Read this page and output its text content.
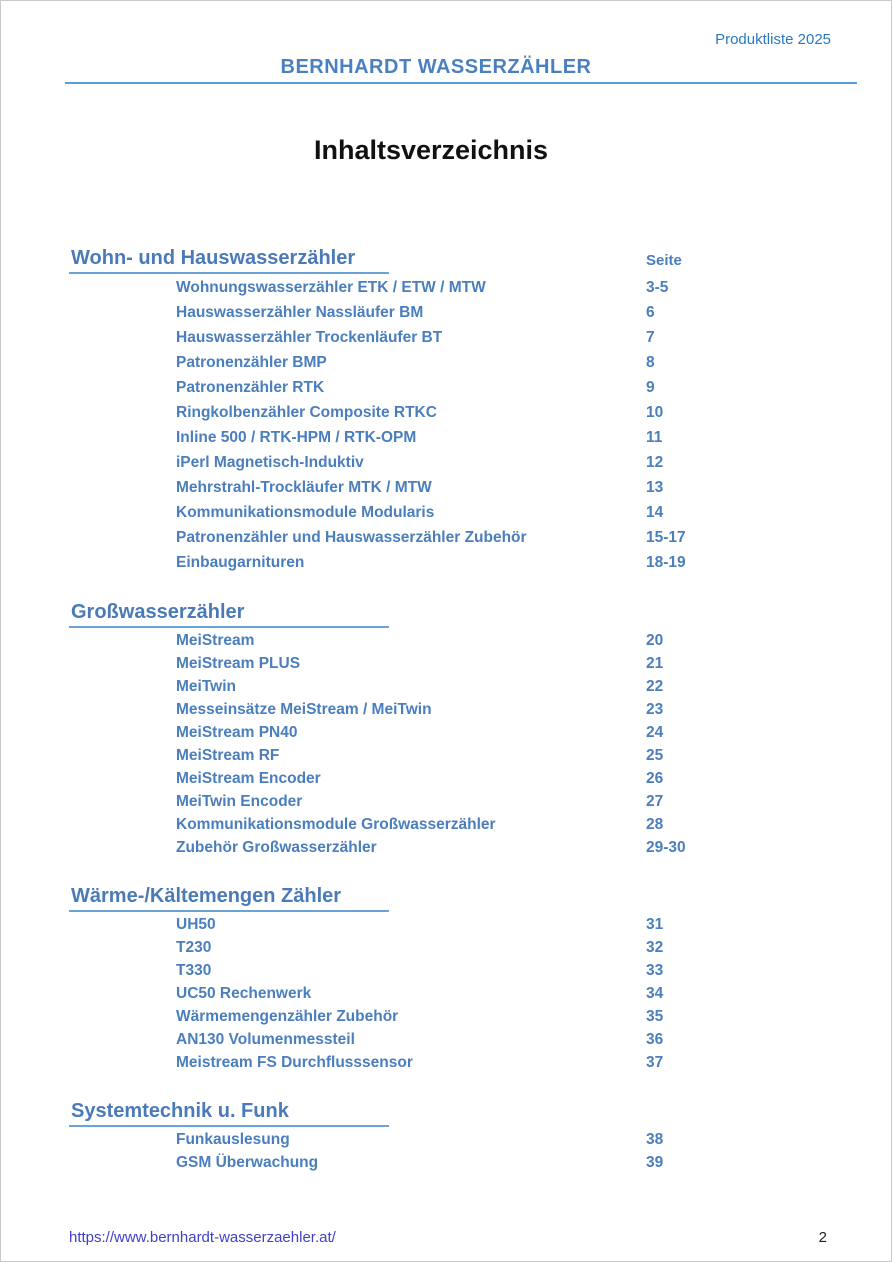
Produktliste 2025
BERNHARDT WASSERZÄHLER
Inhaltsverzeichnis
Wohn- und Hauswasserzähler	Seite
Wohnungswasserzähler ETK / ETW / MTW	3-5
Hauswasserzähler Nassläufer BM	6
Hauswasserzähler Trockenläufer BT	7
Patronenzähler BMP	8
Patronenzähler RTK	9
Ringkolbenzähler Composite RTKC	10
Inline 500 / RTK-HPM / RTK-OPM	11
iPerl Magnetisch-Induktiv	12
Mehrstrahl-Trockläufer MTK / MTW	13
Kommunikationsmodule Modularis	14
Patronenzähler und Hauswasserzähler Zubehör	15-17
Einbaugarnituren	18-19
Großwasserzähler
MeiStream	20
MeiStream PLUS	21
MeiTwin	22
Messeinsätze MeiStream / MeiTwin	23
MeiStream PN40	24
MeiStream RF	25
MeiStream Encoder	26
MeiTwin Encoder	27
Kommunikationsmodule Großwasserzähler	28
Zubehör Großwasserzähler	29-30
Wärme-/Kältemengen Zähler
UH50	31
T230	32
T330	33
UC50 Rechenwerk	34
Wärmemengenzähler Zubehör	35
AN130 Volumenmessteil	36
Meistream FS Durchflusssensor	37
Systemtechnik u. Funk
Funkauslesung	38
GSM Überwachung	39
https://www.bernhardt-wasserzaehler.at/	2
